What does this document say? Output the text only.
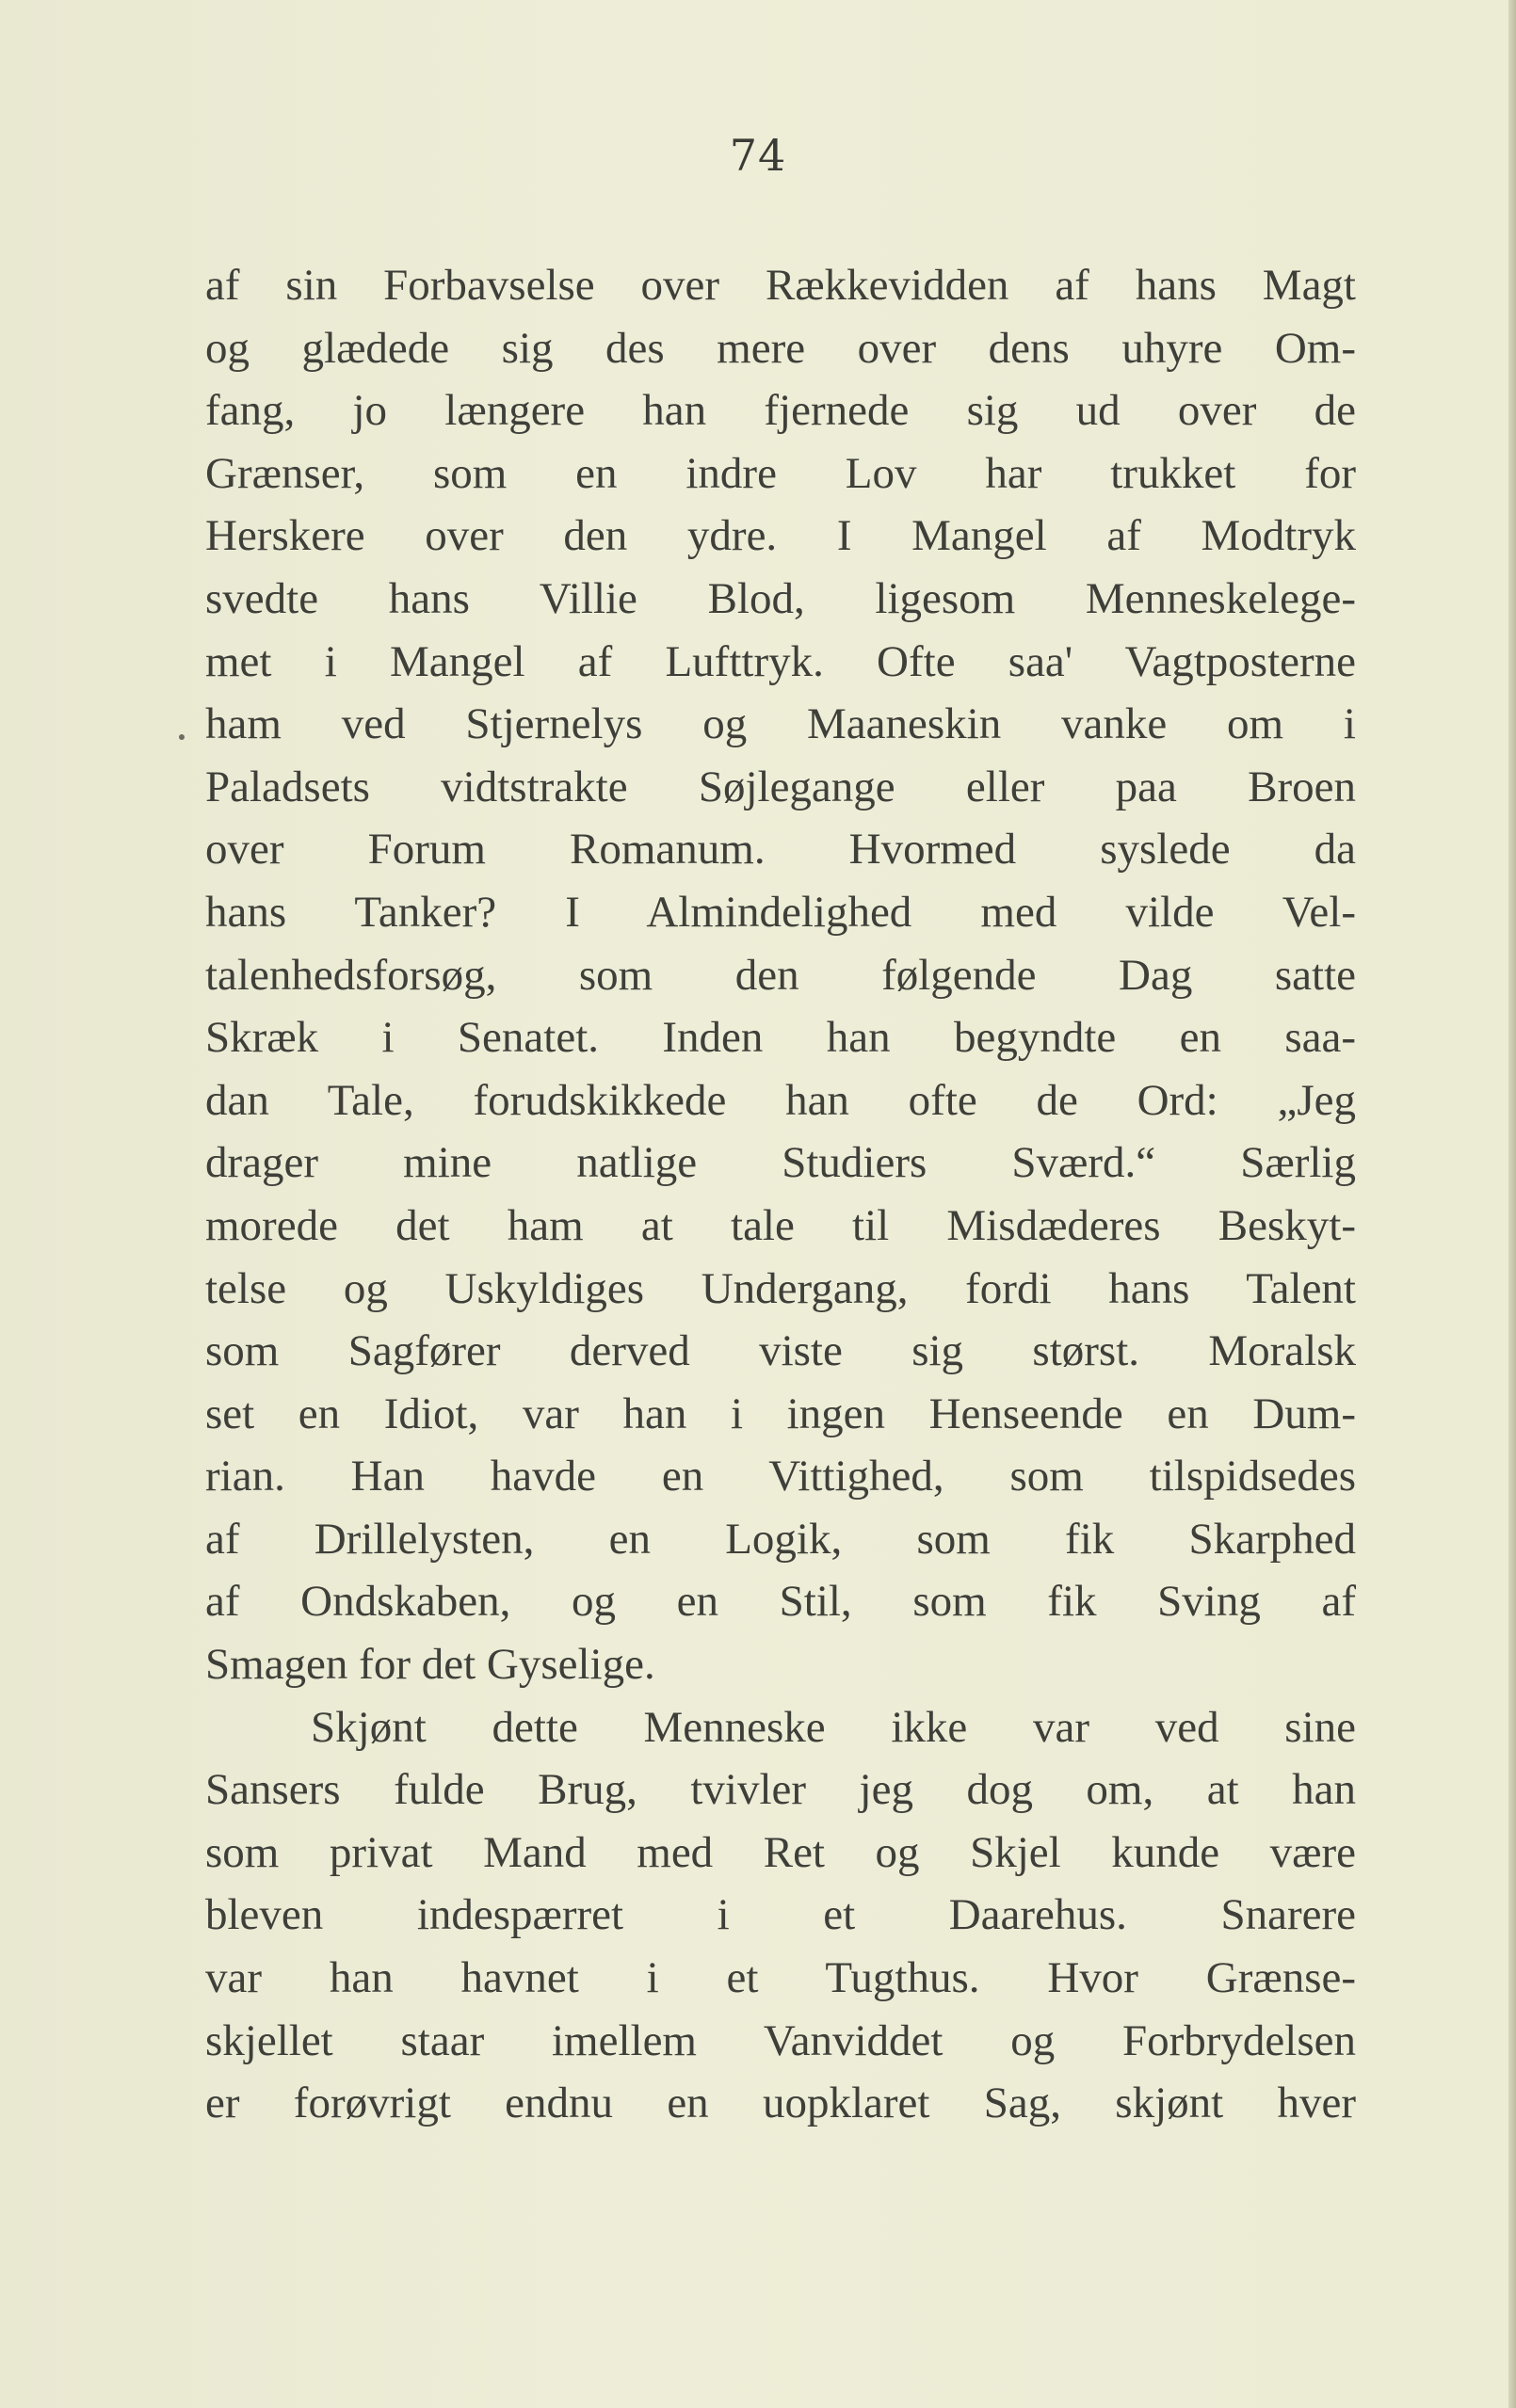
74
af sin Forbavselse over Rækkevidden af hans Magt
og glædede sig des mere over dens uhyre Om-
fang, jo længere han fjernede sig ud over de
Grænser, som en indre Lov har trukket for
Herskere over den ydre. I Mangel af Modtryk
svedte hans Villie Blod, ligesom Menneskelege-
met i Mangel af Lufttryk. Ofte saa' Vagtposterne
ham ved Stjernelys og Maaneskin vanke om i
Paladsets vidtstrakte Søjlegange eller paa Broen
over Forum Romanum. Hvormed syslede da
hans Tanker? I Almindelighed med vilde Vel-
talenhedsforsøg, som den følgende Dag satte
Skræk i Senatet. Inden han begyndte en saa-
dan Tale, forudskikkede han ofte de Ord: „Jeg
drager mine natlige Studiers Sværd.“ Særlig
morede det ham at tale til Misdæderes Beskyt-
telse og Uskyldiges Undergang, fordi hans Talent
som Sagfører derved viste sig størst. Moralsk
set en Idiot, var han i ingen Henseende en Dum-
rian. Han havde en Vittighed, som tilspidsedes
af Drillelysten, en Logik, som fik Skarphed
af Ondskaben, og en Stil, som fik Sving af
Smagen for det Gyselige.
Skjønt dette Menneske ikke var ved sine
Sansers fulde Brug, tvivler jeg dog om, at han
som privat Mand med Ret og Skjel kunde være
bleven indespærret i et Daarehus. Snarere
var han havnet i et Tugthus. Hvor Grænse-
skjellet staar imellem Vanviddet og Forbrydelsen
er forøvrigt endnu en uopklaret Sag, skjønt hver
